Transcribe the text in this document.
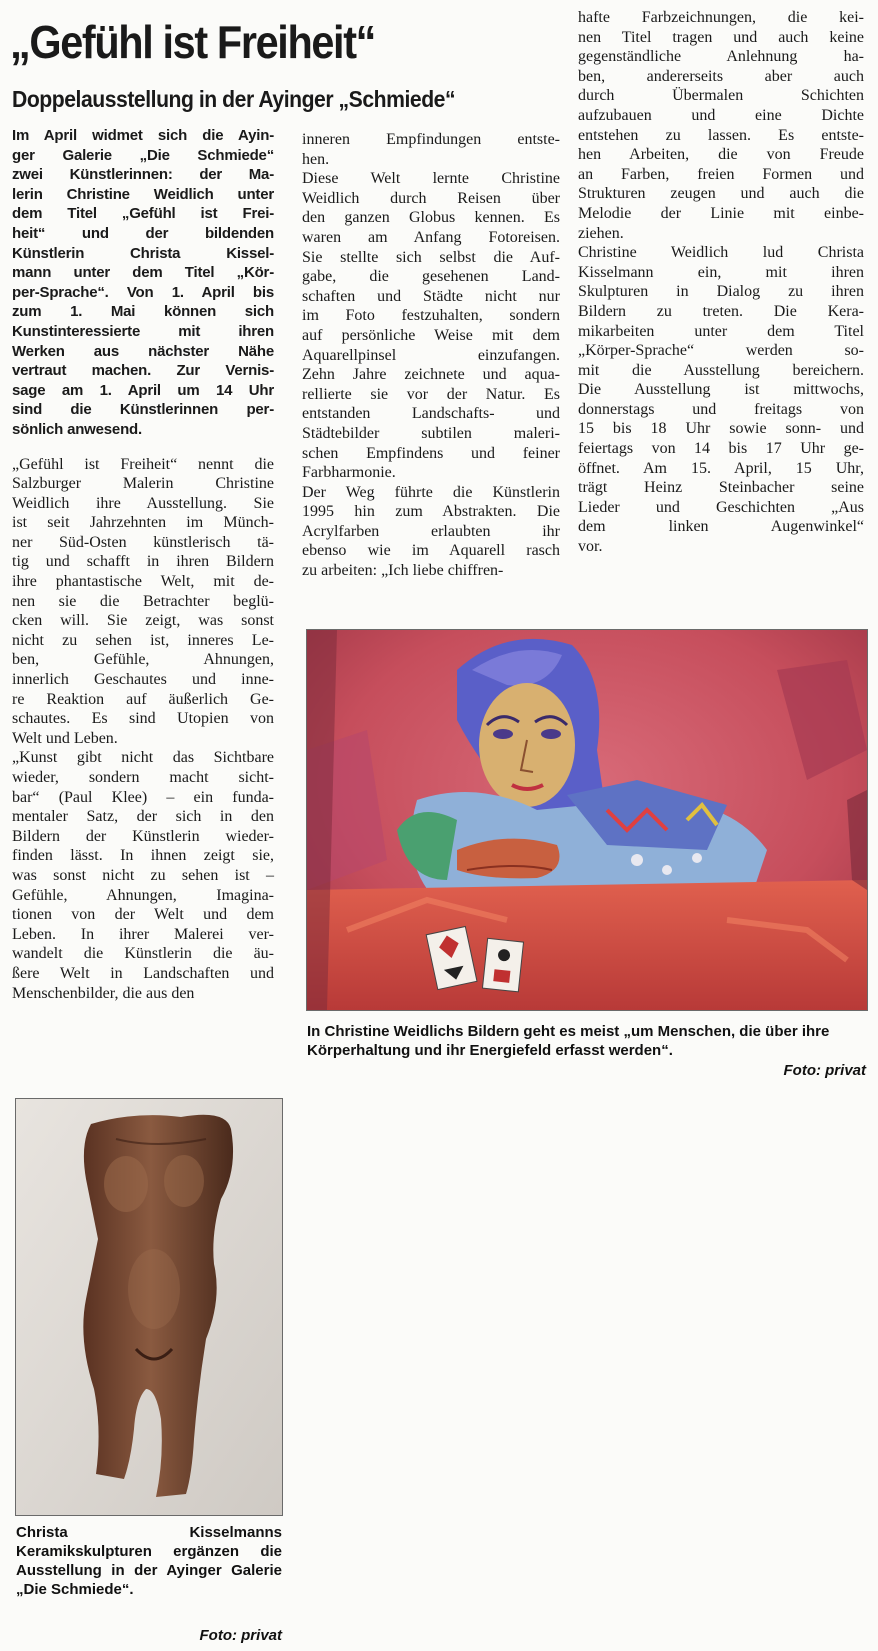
„Gefühl ist Freiheit“
Doppelausstellung in der Ayinger „Schmiede“
Im April widmet sich die Ayin-
ger Galerie „Die Schmiede“
zwei Künstlerinnen: der Ma-
lerin Christine Weidlich unter
dem Titel „Gefühl ist Frei-
heit“ und der bildenden
Künstlerin Christa Kissel-
mann unter dem Titel „Kör-
per-Sprache“. Von 1. April bis
zum 1. Mai können sich
Kunstinteressierte mit ihren
Werken aus nächster Nähe
vertraut machen. Zur Vernis-
sage am 1. April um 14 Uhr
sind die Künstlerinnen per-
sönlich anwesend.
„Gefühl ist Freiheit“ nennt die
Salzburger Malerin Christine
Weidlich ihre Ausstellung. Sie
ist seit Jahrzehnten im Münch-
ner Süd-Osten künstlerisch tä-
tig und schafft in ihren Bildern
ihre phantastische Welt, mit de-
nen sie die Betrachter beglü-
cken will. Sie zeigt, was sonst
nicht zu sehen ist, inneres Le-
ben, Gefühle, Ahnungen,
innerlich Geschautes und inne-
re Reaktion auf äußerlich Ge-
schautes. Es sind Utopien von
Welt und Leben.
„Kunst gibt nicht das Sichtbare
wieder, sondern macht sicht-
bar“ (Paul Klee) – ein funda-
mentaler Satz, der sich in den
Bildern der Künstlerin wieder-
finden lässt. In ihnen zeigt sie,
was sonst nicht zu sehen ist –
Gefühle, Ahnungen, Imagina-
tionen von der Welt und dem
Leben. In ihrer Malerei ver-
wandelt die Künstlerin die äu-
ßere Welt in Landschaften und
Menschenbilder, die aus den
inneren Empfindungen entste-
hen.
Diese Welt lernte Christine
Weidlich durch Reisen über
den ganzen Globus kennen. Es
waren am Anfang Fotoreisen.
Sie stellte sich selbst die Auf-
gabe, die gesehenen Land-
schaften und Städte nicht nur
im Foto festzuhalten, sondern
auf persönliche Weise mit dem
Aquarellpinsel einzufangen.
Zehn Jahre zeichnete und aqua-
rellierte sie vor der Natur. Es
entstanden Landschafts- und
Städtebilder subtilen maleri-
schen Empfindens und feiner
Farbharmonie.
Der Weg führte die Künstlerin
1995 hin zum Abstrakten. Die
Acrylfarben erlaubten ihr
ebenso wie im Aquarell rasch
zu arbeiten: „Ich liebe chiffren-
hafte Farbzeichnungen, die kei-
nen Titel tragen und auch keine
gegenständliche Anlehnung ha-
ben, andererseits aber auch
durch Übermalen Schichten
aufzubauen und eine Dichte
entstehen zu lassen. Es entste-
hen Arbeiten, die von Freude
an Farben, freien Formen und
Strukturen zeugen und auch die
Melodie der Linie mit einbe-
ziehen.
Christine Weidlich lud Christa
Kisselmann ein, mit ihren
Skulpturen in Dialog zu ihren
Bildern zu treten. Die Kera-
mikarbeiten unter dem Titel
„Körper-Sprache“ werden so-
mit die Ausstellung bereichern.
Die Ausstellung ist mittwochs,
donnerstags und freitags von
15 bis 18 Uhr sowie sonn- und
feiertags von 14 bis 17 Uhr ge-
öffnet. Am 15. April, 15 Uhr,
trägt Heinz Steinbacher seine
Lieder und Geschichten „Aus
dem linken Augenwinkel“
vor.

In Christine Weidlichs Bildern geht es meist „um Menschen, die über ihre Körperhaltung und ihr Energiefeld erfasst werden“.

Foto: privat

Christa Kisselmanns Keramikskulpturen ergänzen die Ausstellung in der Ayinger Galerie „Die Schmiede“.

Foto: privat
